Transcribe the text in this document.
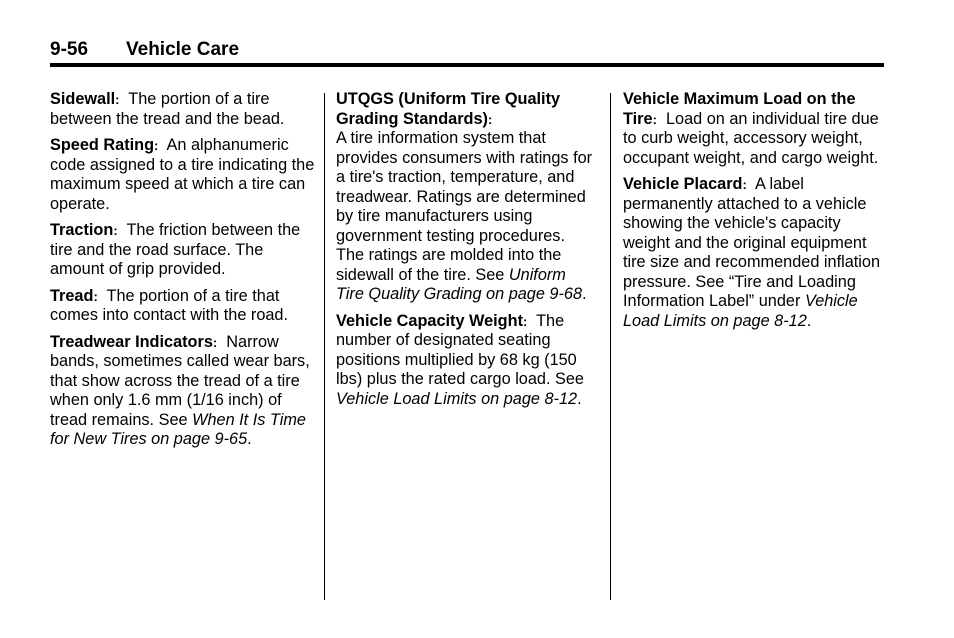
9-56 Vehicle Care

Sidewall: The portion of a tire between the tread and the bead.

Speed Rating: An alphanumeric code assigned to a tire indicating the maximum speed at which a tire can operate.

Traction: The friction between the tire and the road surface. The amount of grip provided.

Tread: The portion of a tire that comes into contact with the road.

Treadwear Indicators: Narrow bands, sometimes called wear bars, that show across the tread of a tire when only 1.6 mm (1/16 inch) of tread remains. See When It Is Time for New Tires on page 9-65.

UTQGS (Uniform Tire Quality Grading Standards):
A tire information system that provides consumers with ratings for a tire's traction, temperature, and treadwear. Ratings are determined by tire manufacturers using government testing procedures. The ratings are molded into the sidewall of the tire. See Uniform Tire Quality Grading on page 9-68.

Vehicle Capacity Weight: The number of designated seating positions multiplied by 68 kg (150 lbs) plus the rated cargo load. See Vehicle Load Limits on page 8-12.

Vehicle Maximum Load on the Tire: Load on an individual tire due to curb weight, accessory weight, occupant weight, and cargo weight.

Vehicle Placard: A label permanently attached to a vehicle showing the vehicle's capacity weight and the original equipment tire size and recommended inflation pressure. See “Tire and Loading Information Label” under Vehicle Load Limits on page 8-12.
